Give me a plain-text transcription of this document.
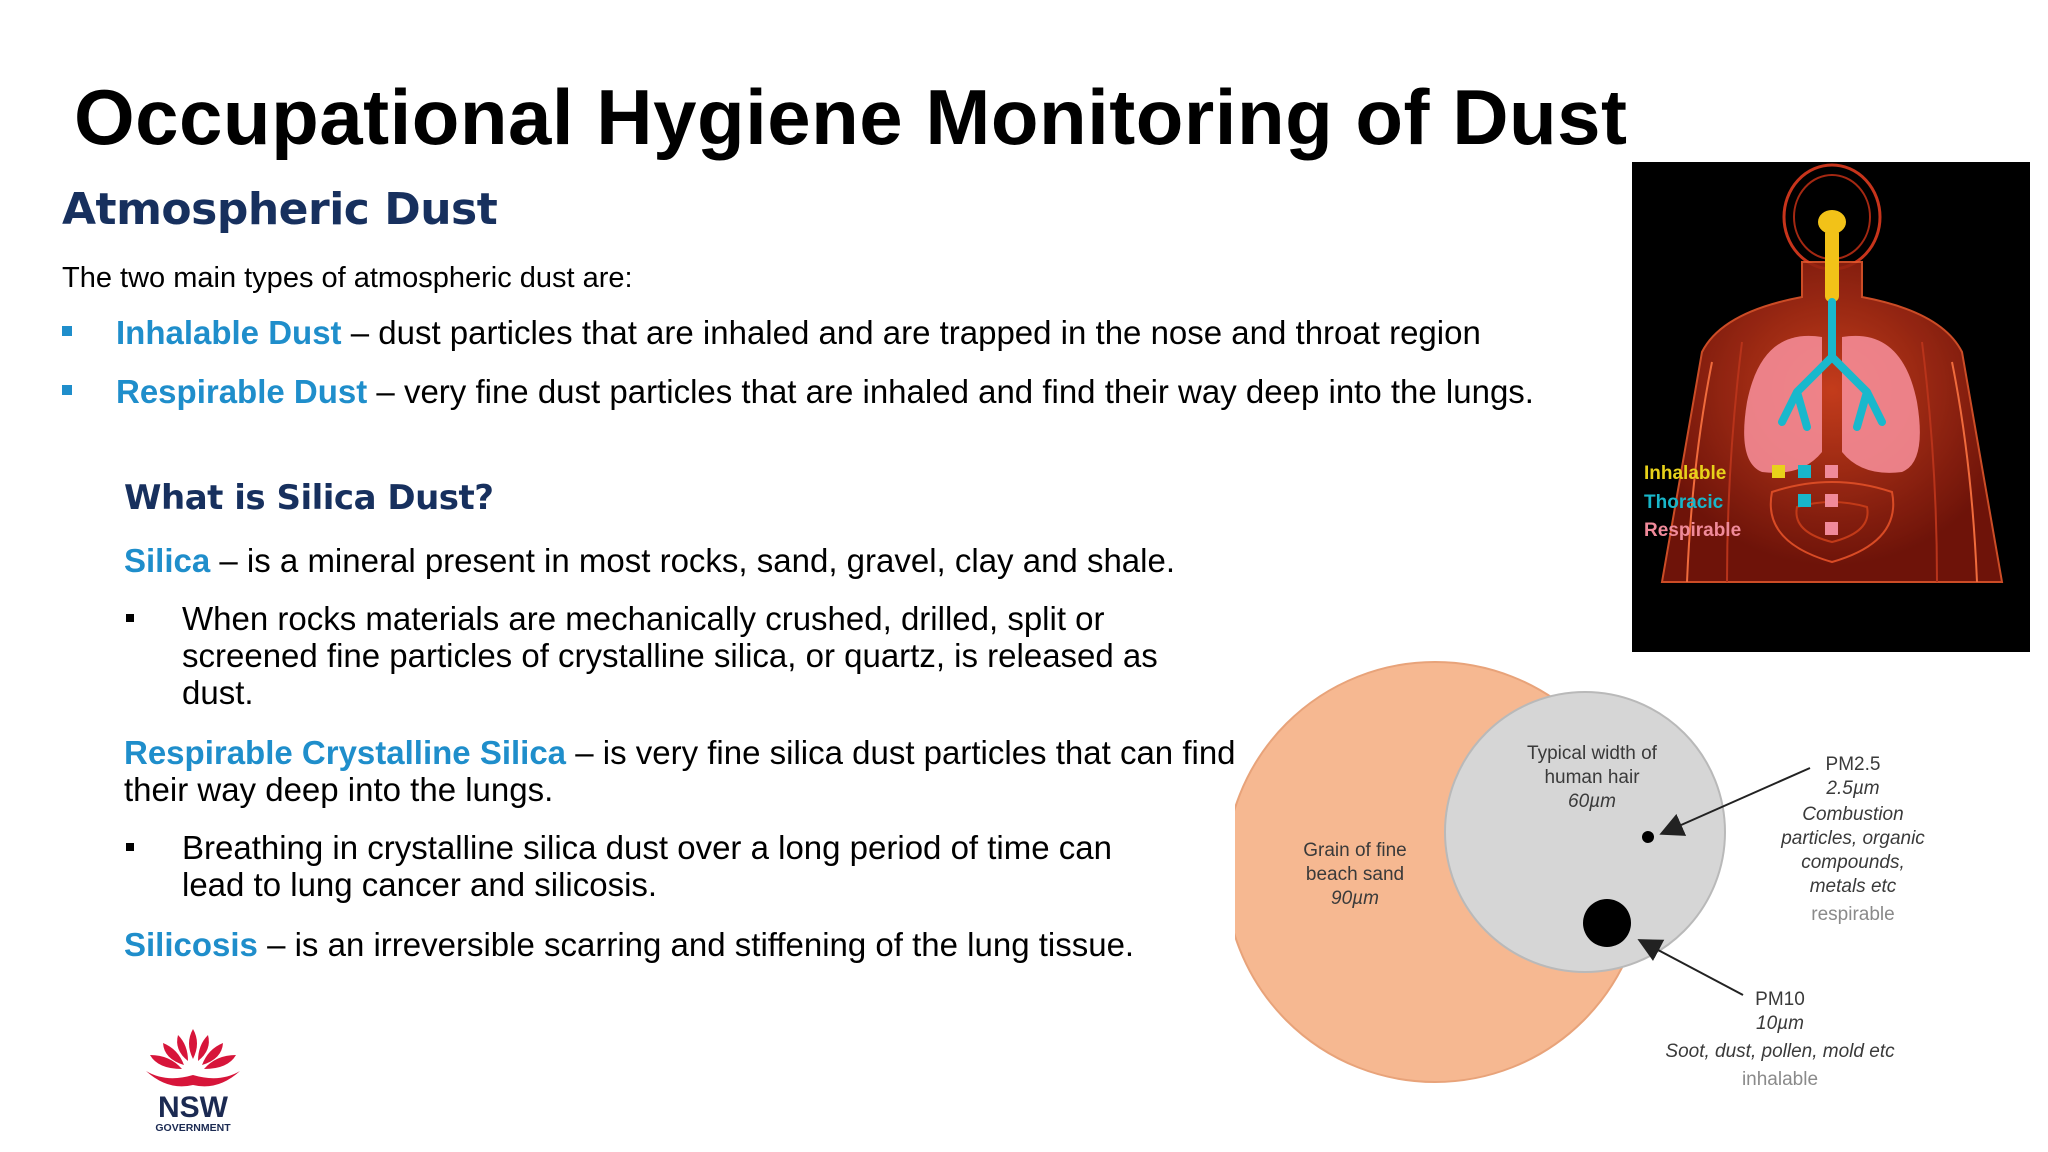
Occupational Hygiene Monitoring of Dust
Atmospheric Dust
The two main types of atmospheric dust are:
Inhalable Dust – dust particles that are inhaled and are trapped in the nose and throat region
Respirable Dust – very fine dust particles that are inhaled and find their way deep into the lungs.
What is Silica Dust?
Silica – is a mineral present in most rocks, sand, gravel, clay and shale.
When rocks materials are mechanically crushed, drilled, split or screened fine particles of crystalline silica, or quartz, is released as dust.
Respirable Crystalline Silica – is very fine silica dust particles that can find their way deep into the lungs.
Breathing in crystalline silica dust over a long period of time can lead to lung cancer and silicosis.
Silicosis – is an irreversible scarring and stiffening of the lung tissue.
Inhalable
Thoracic
Respirable
Grain of fine
beach sand
90µm
Typical width of
human hair
60µm
PM2.5
2.5µm
Combustion
particles, organic
compounds,
metals etc
respirable
PM10
10µm
Soot, dust, pollen, mold etc
inhalable
NSW
GOVERNMENT
